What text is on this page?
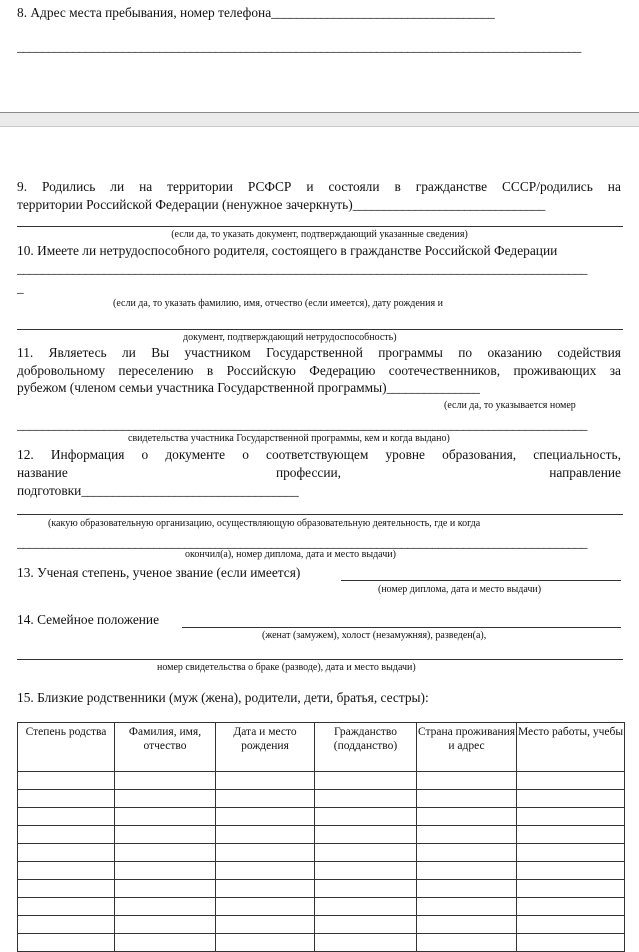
8. Адрес места пребывания, номер телефона____________________________________
___________________________________________________________________________________________
9. Родились ли на территории РСФСР и состояли в гражданстве СССР/родились на
территории Российской Федерации (ненужное зачеркнуть)_______________________________
(если да, то указать документ, подтверждающий указанные сведения)
10. Имеете ли нетрудоспособного родителя, состоящего в гражданстве Российской Федерации
____________________________________________________________________________________________
_
(если да, то указать фамилию, имя, отчество (если имеется), дату рождения и
документ, подтверждающий нетрудоспособность)
11. Являетесь ли Вы участником Государственной программы по оказанию содействия
добровольному переселению в Российскую Федерацию соотечественников, проживающих за
рубежом (членом семьи участника Государственной программы)_______________
(если да, то указывается номер
____________________________________________________________________________________________
свидетельства участника Государственной программы, кем и когда выдано)
12. Информация о документе о соответствующем уровне образования, специальность,
название	профессии,	направление
подготовки___________________________________
(какую образовательную организацию, осуществляющую образовательную деятельность, где и когда
____________________________________________________________________________________________
окончил(а), номер диплома, дата и место выдачи)
13. Ученая степень, ученое звание (если имеется)
(номер диплома, дата и место выдачи)
14. Семейное положение
(женат (замужем), холост (незамужняя), разведен(а),
номер свидетельства о браке (разводе), дата и место выдачи)
15. Близкие родственники (муж (жена), родители, дети, братья, сестры):
Степень родства	Фамилия, имя, отчество	Дата и место рождения	Гражданство (подданство)	Страна проживания и адрес	Место работы, учебы
